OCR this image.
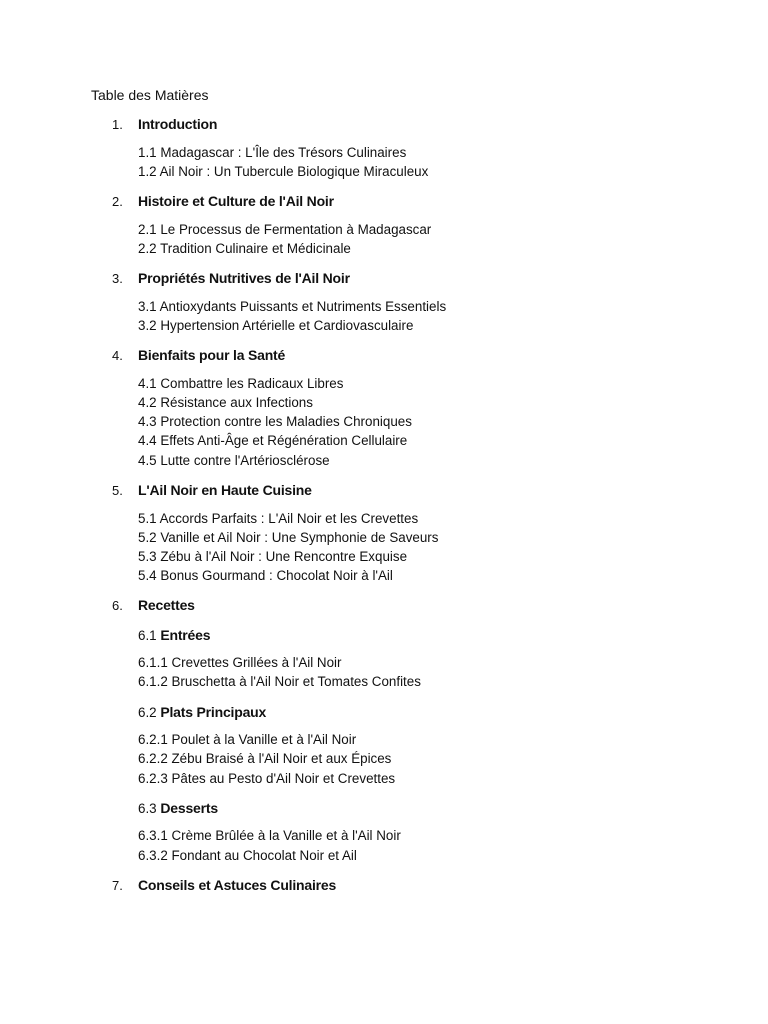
Table des Matières
1.	Introduction
1.1 Madagascar : L'Île des Trésors Culinaires
1.2 Ail Noir : Un Tubercule Biologique Miraculeux
2.	Histoire et Culture de l'Ail Noir
2.1 Le Processus de Fermentation à Madagascar
2.2 Tradition Culinaire et Médicinale
3.	Propriétés Nutritives de l'Ail Noir
3.1 Antioxydants Puissants et Nutriments Essentiels
3.2 Hypertension Artérielle et Cardiovasculaire
4.	Bienfaits pour la Santé
4.1 Combattre les Radicaux Libres
4.2 Résistance aux Infections
4.3 Protection contre les Maladies Chroniques
4.4 Effets Anti-Âge et Régénération Cellulaire
4.5 Lutte contre l'Artériosclérose
5.	L'Ail Noir en Haute Cuisine
5.1 Accords Parfaits : L'Ail Noir et les Crevettes
5.2 Vanille et Ail Noir : Une Symphonie de Saveurs
5.3 Zébu à l'Ail Noir : Une Rencontre Exquise
5.4 Bonus Gourmand : Chocolat Noir à l'Ail
6.	Recettes
6.1 Entrées
6.1.1 Crevettes Grillées à l'Ail Noir
6.1.2 Bruschetta à l'Ail Noir et Tomates Confites
6.2 Plats Principaux
6.2.1 Poulet à la Vanille et à l'Ail Noir
6.2.2 Zébu Braisé à l'Ail Noir et aux Épices
6.2.3 Pâtes au Pesto d'Ail Noir et Crevettes
6.3 Desserts
6.3.1 Crème Brûlée à la Vanille et à l'Ail Noir
6.3.2 Fondant au Chocolat Noir et Ail
7.	Conseils et Astuces Culinaires
